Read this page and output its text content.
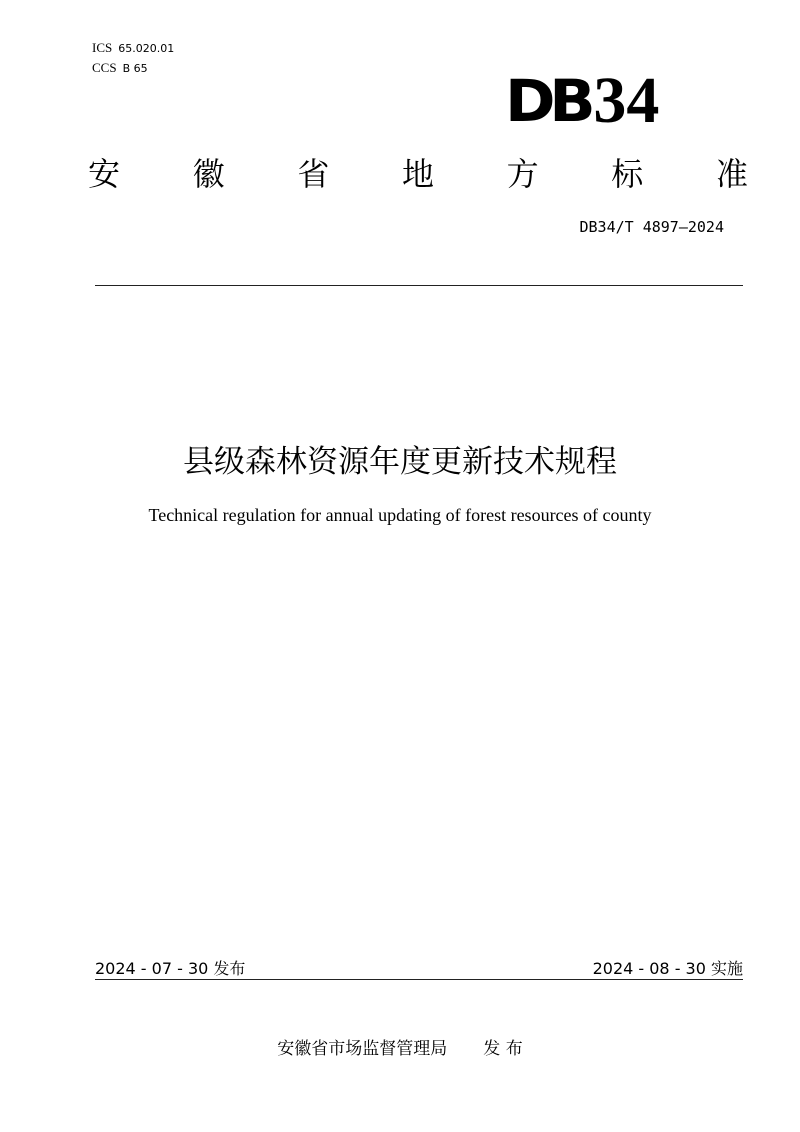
ICS 65.020.01
CCS B 65	DB 34
安 徽 省 地 方 标 准
DB34/T 4897—2024
县级森林资源年度更新技术规程
Technical regulation for annual updating of forest resources of county
2024 - 07 - 30 发布	2024 - 08 - 30 实施
安徽省市场监督管理局 发 布
